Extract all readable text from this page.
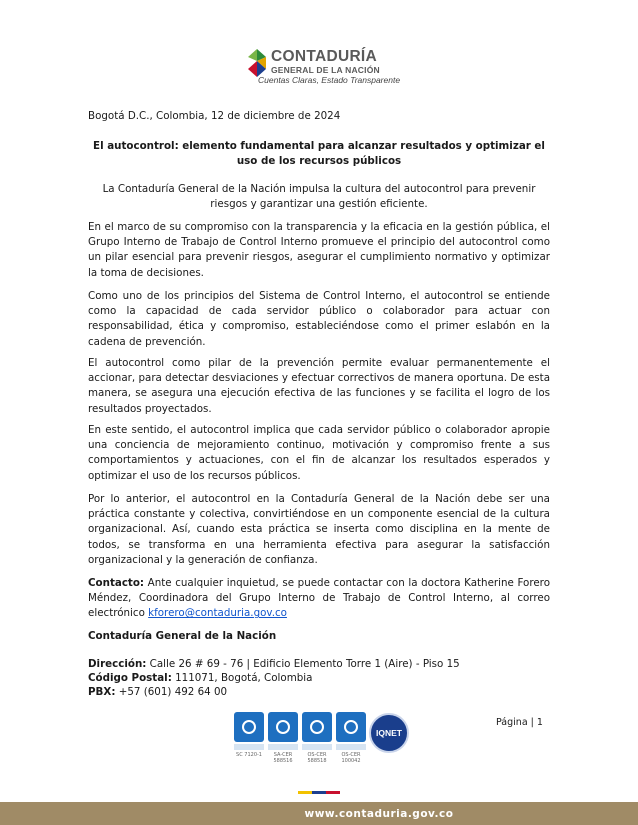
CONTADURÍA
GENERAL DE LA NACIÓN
Cuentas Claras, Estado Transparente
Bogotá D.C., Colombia, 12 de diciembre de 2024
El autocontrol: elemento fundamental para alcanzar resultados y optimizar el uso de los recursos públicos
La Contaduría General de la Nación impulsa la cultura del autocontrol para prevenir riesgos y garantizar una gestión eficiente.
En el marco de su compromiso con la transparencia y la eficacia en la gestión pública, el Grupo Interno de Trabajo de Control Interno promueve el principio del autocontrol como un pilar esencial para prevenir riesgos, asegurar el cumplimiento normativo y optimizar la toma de decisiones.
Como uno de los principios del Sistema de Control Interno, el autocontrol se entiende como la capacidad de cada servidor público o colaborador para actuar con responsabilidad, ética y compromiso, estableciéndose como el primer eslabón en la cadena de prevención.
El autocontrol como pilar de la prevención permite evaluar permanentemente el accionar, para detectar desviaciones y efectuar correctivos de manera oportuna. De esta manera, se asegura una ejecución efectiva de las funciones y se facilita el logro de los resultados proyectados.
En este sentido, el autocontrol implica que cada servidor público o colaborador apropie una conciencia de mejoramiento continuo, motivación y compromiso frente a sus comportamientos y actuaciones, con el fin de alcanzar los resultados esperados y optimizar el uso de los recursos públicos.
Por lo anterior, el autocontrol en la Contaduría General de la Nación debe ser una práctica constante y colectiva, convirtiéndose en un componente esencial de la cultura organizacional. Así, cuando esta práctica se inserta como disciplina en la mente de todos, se transforma en una herramienta efectiva para asegurar la satisfacción organizacional y la generación de confianza.
Contacto: Ante cualquier inquietud, se puede contactar con la doctora Katherine Forero Méndez, Coordinadora del Grupo Interno de Trabajo de Control Interno, al correo electrónico kforero@contaduria.gov.co
Contaduría General de la Nación
Dirección: Calle 26 # 69 - 76 | Edificio Elemento Torre 1 (Aire) - Piso 15
Código Postal: 111071, Bogotá, Colombia
PBX: +57 (601) 492 64 00
SC 7120-1	SA-CER 588516
OS-CER 588518
OS-CER 100042
IQNET
Página | 1
www.contaduria.gov.co
